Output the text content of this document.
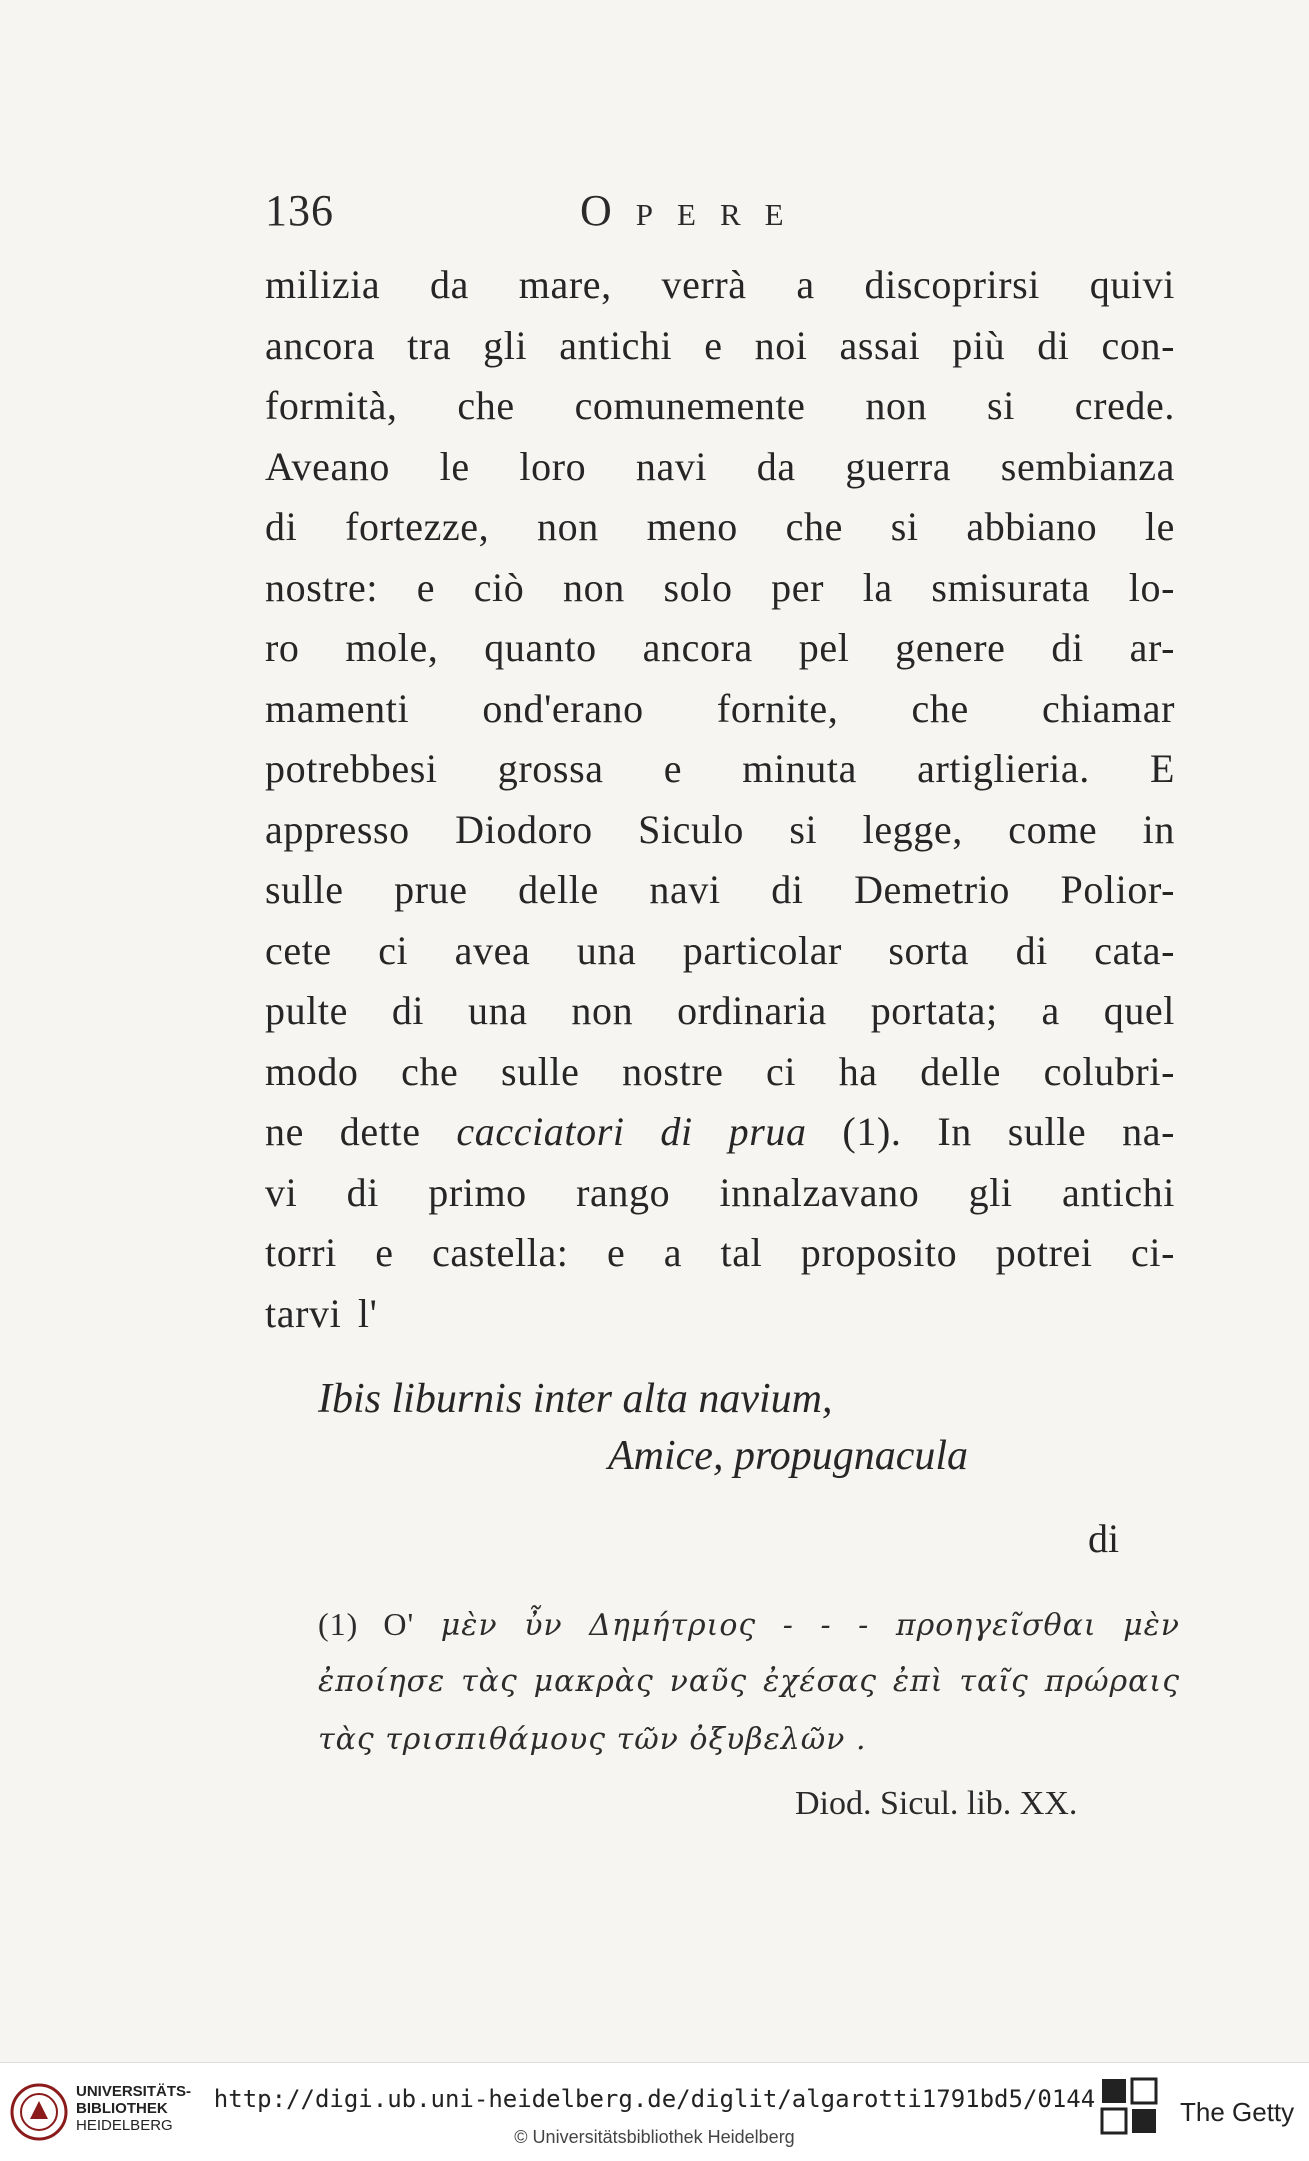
136	Opere
milizia da mare, verrà a discoprirsi quivi
ancora tra gli antichi e noi assai più di con-
formità, che comunemente non si crede.
Aveano le loro navi da guerra sembianza
di fortezze, non meno che si abbiano le
nostre: e ciò non solo per la smisurata lo-
ro mole, quanto ancora pel genere di ar-
mamenti ond'erano fornite, che chiamar
potrebbesi grossa e minuta artiglieria. E
appresso Diodoro Siculo si legge, come in
sulle prue delle navi di Demetrio Polior-
cete ci avea una particolar sorta di cata-
pulte di una non ordinaria portata; a quel
modo che sulle nostre ci ha delle colubri-
ne dette cacciatori di prua (1). In sulle na-
vi di primo rango innalzavano gli antichi
torri e castella: e a tal proposito potrei ci-
tarvi l'
Ibis liburnis inter alta navium,
Amice, propugnacula
di
(1) O' μὲν ὖν Δημήτριος - - - προηγεῖσθαι μὲν
ἐποίησε τὰς μακρὰς ναῦς ἐχέσας ἐπὶ ταῖς πρώραις
τὰς τρισπιθάμους τῶν ὀξυβελῶν .
Diod. Sicul. lib. XX.
UNIVERSITÄTS-
BIBLIOTHEK
HEIDELBERG
http://digi.ub.uni-heidelberg.de/diglit/algarotti1791bd5/0144
© Universitätsbibliothek Heidelberg
The Getty
